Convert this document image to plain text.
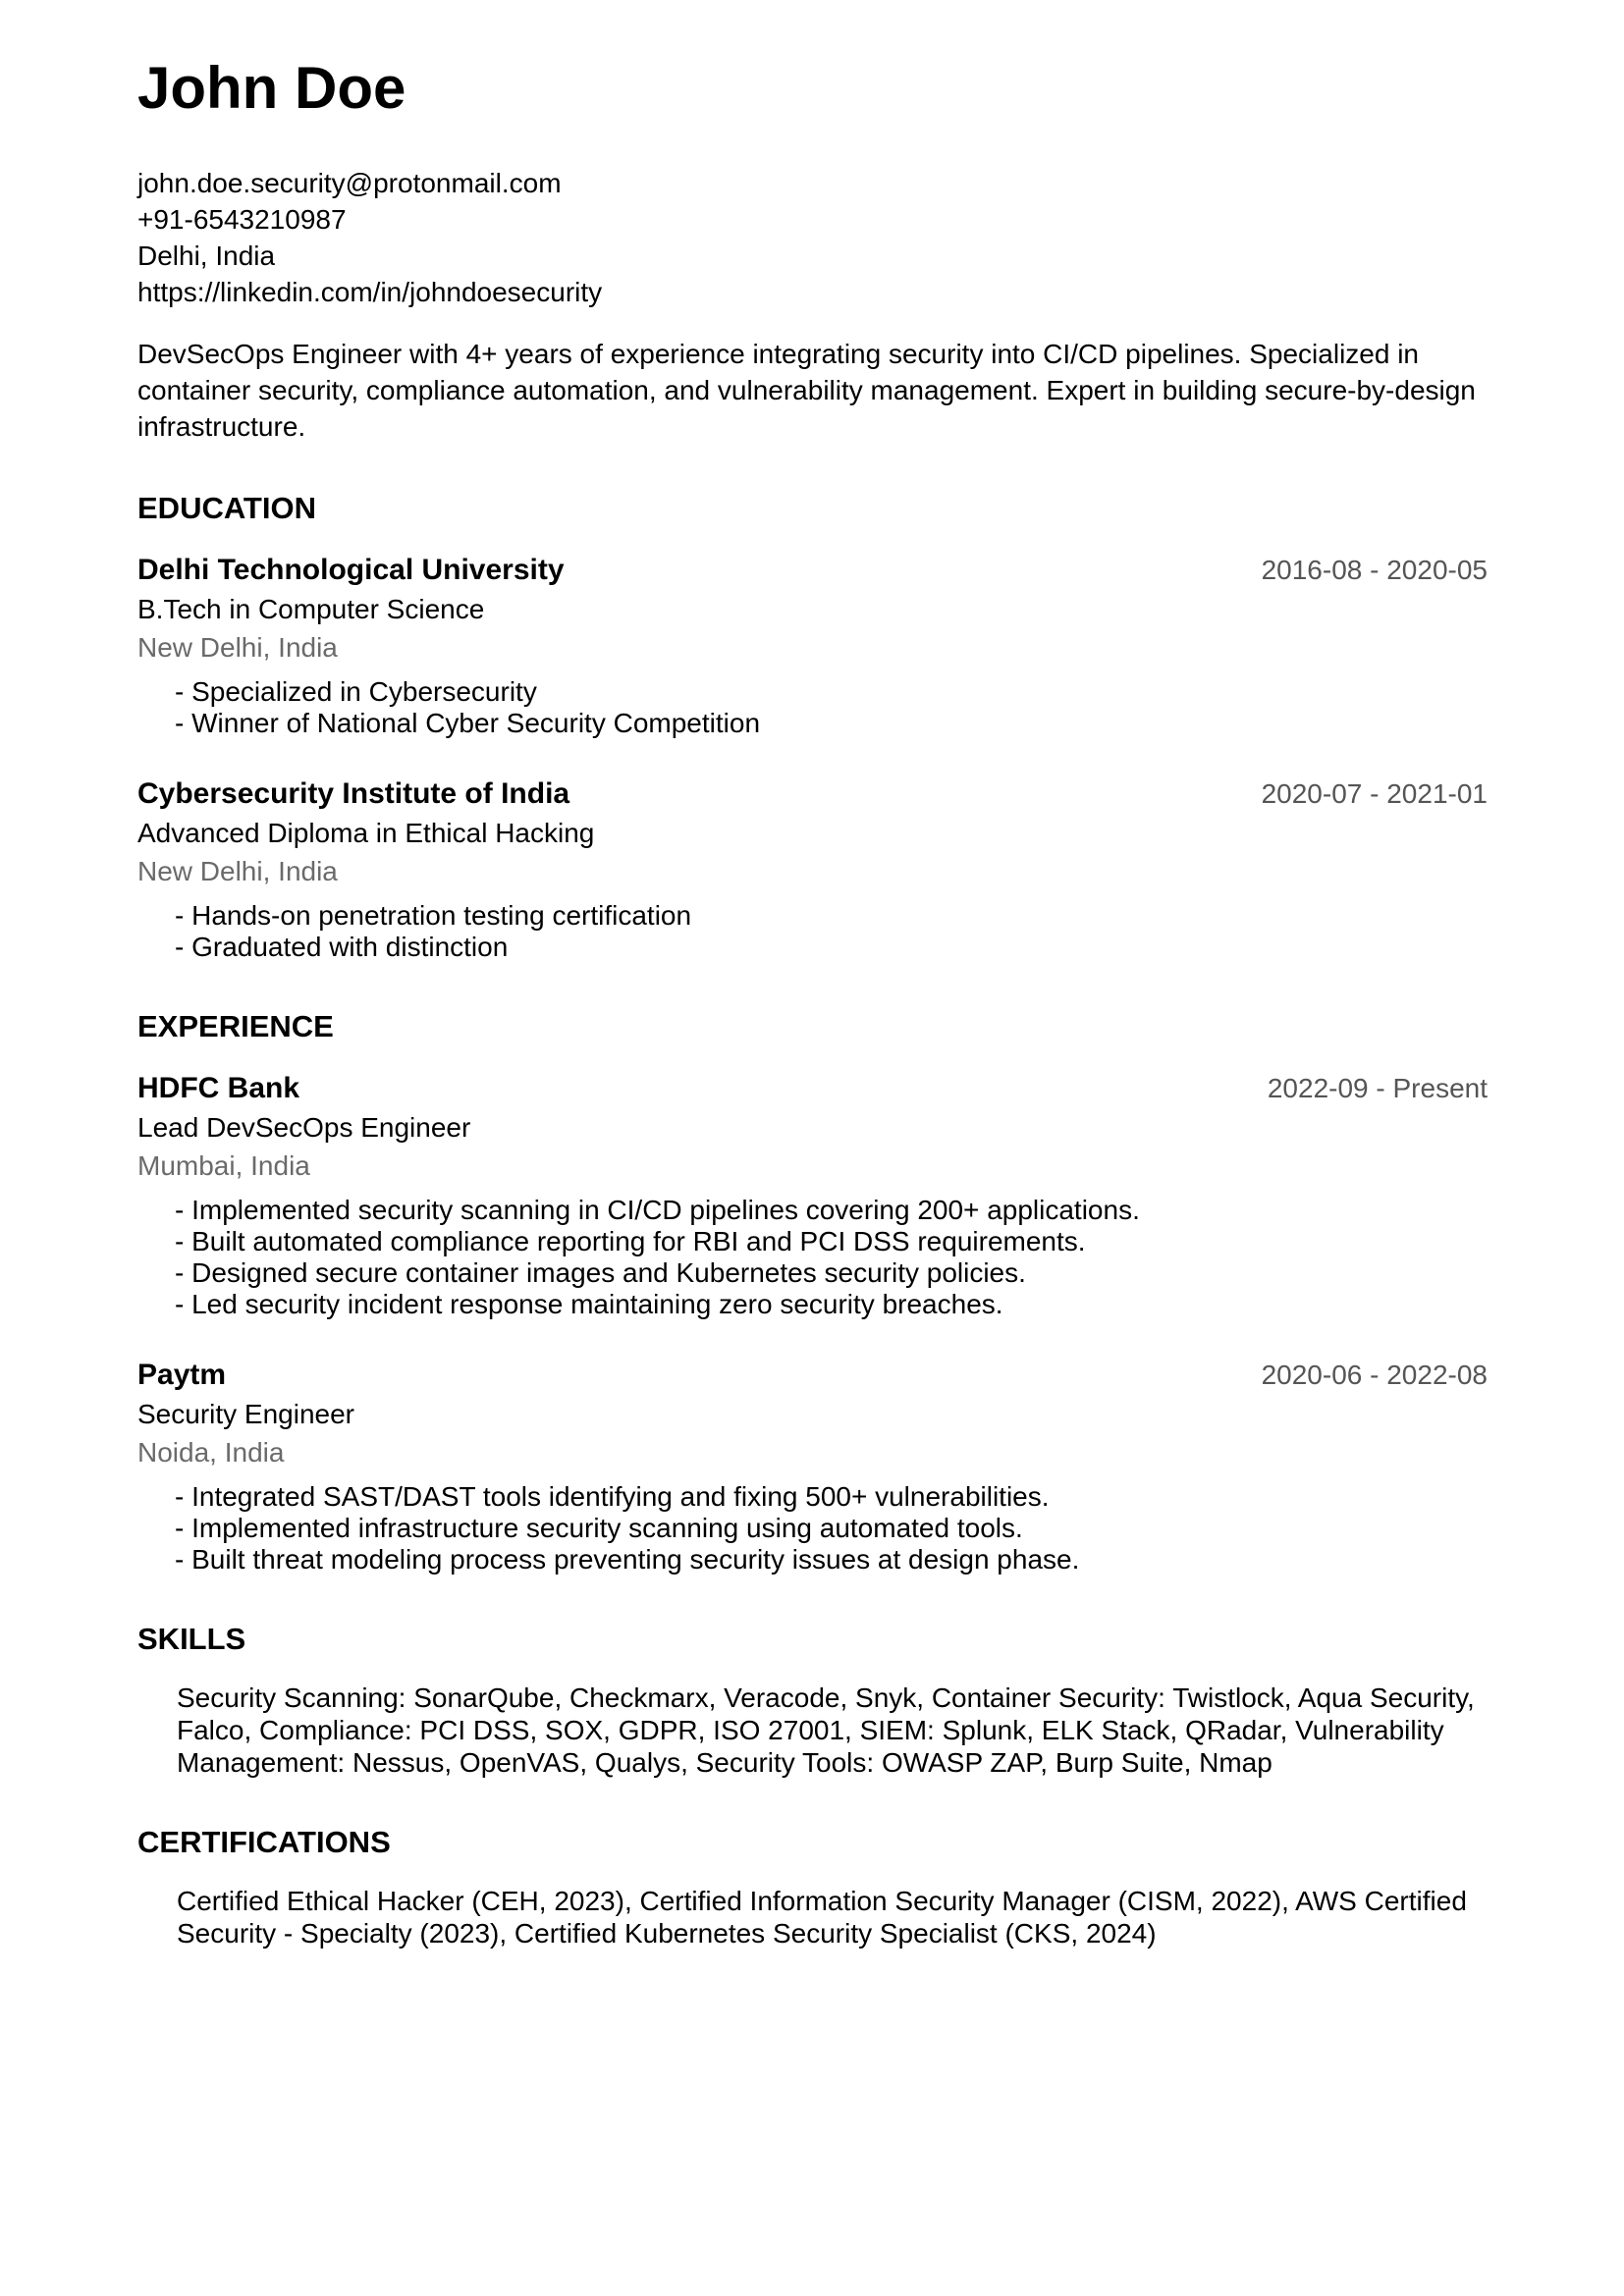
John Doe
john.doe.security@protonmail.com
+91-6543210987
Delhi, India
https://linkedin.com/in/johndoesecurity

DevSecOps Engineer with 4+ years of experience integrating security into CI/CD pipelines. Specialized in container security, compliance automation, and vulnerability management. Expert in building secure-by-design infrastructure.

EDUCATION
Delhi Technological University	2016-08 - 2020-05
B.Tech in Computer Science
New Delhi, India
- Specialized in Cybersecurity
- Winner of National Cyber Security Competition
Cybersecurity Institute of India	2020-07 - 2021-01
Advanced Diploma in Ethical Hacking
New Delhi, India
- Hands-on penetration testing certification
- Graduated with distinction
EXPERIENCE
HDFC Bank	2022-09 - Present
Lead DevSecOps Engineer
Mumbai, India
- Implemented security scanning in CI/CD pipelines covering 200+ applications.
- Built automated compliance reporting for RBI and PCI DSS requirements.
- Designed secure container images and Kubernetes security policies.
- Led security incident response maintaining zero security breaches.
Paytm	2020-06 - 2022-08
Security Engineer
Noida, India
- Integrated SAST/DAST tools identifying and fixing 500+ vulnerabilities.
- Implemented infrastructure security scanning using automated tools.
- Built threat modeling process preventing security issues at design phase.
SKILLS

Security Scanning: SonarQube, Checkmarx, Veracode, Snyk, Container Security: Twistlock, Aqua Security, Falco, Compliance: PCI DSS, SOX, GDPR, ISO 27001, SIEM: Splunk, ELK Stack, QRadar, Vulnerability Management: Nessus, OpenVAS, Qualys, Security Tools: OWASP ZAP, Burp Suite, Nmap

CERTIFICATIONS

Certified Ethical Hacker (CEH, 2023), Certified Information Security Manager (CISM, 2022), AWS Certified Security - Specialty (2023), Certified Kubernetes Security Specialist (CKS, 2024)
